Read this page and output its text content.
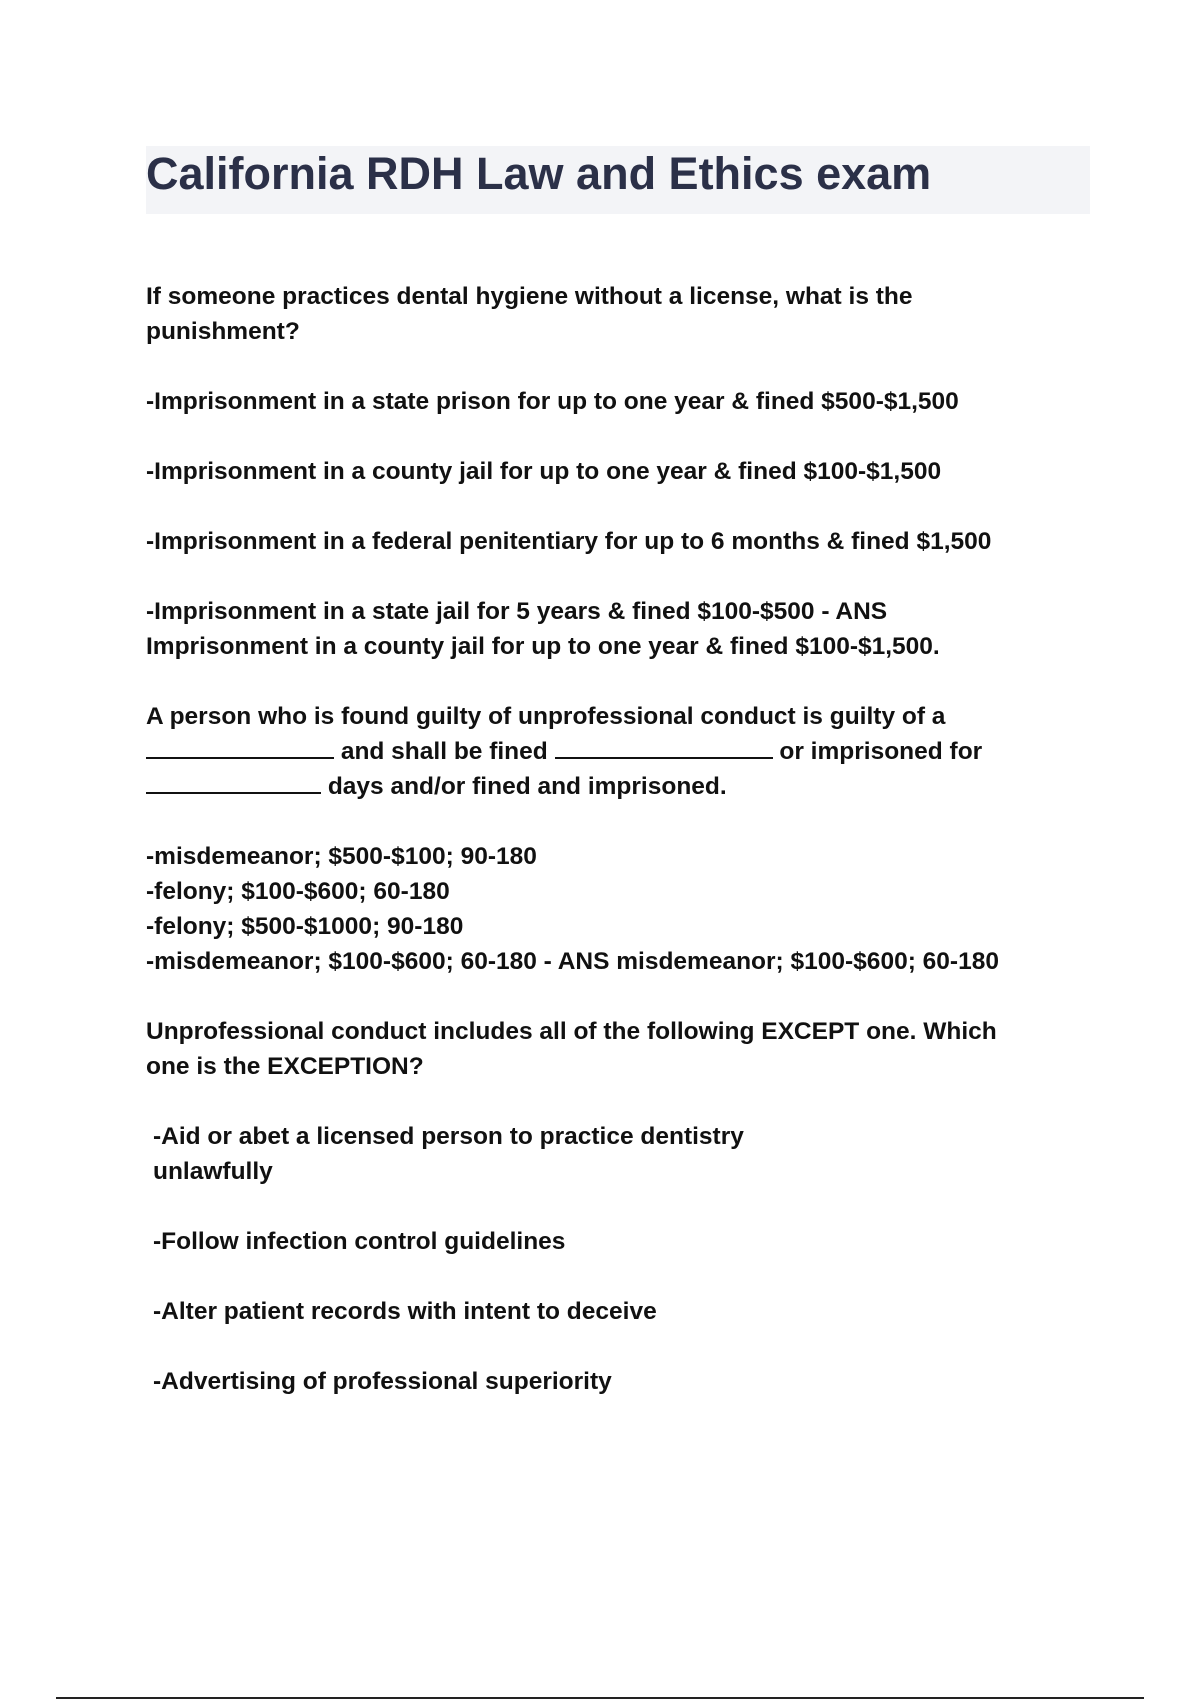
California RDH Law and Ethics exam

If someone practices dental hygiene without a license, what is the

punishment?

-Imprisonment in a state prison for up to one year & fined $500-$1,500

-Imprisonment in a county jail for up to one year & fined $100-$1,500

-Imprisonment in a federal penitentiary for up to 6 months & fined $1,500

-Imprisonment in a state jail for 5 years & fined $100-$500 - ANS

Imprisonment in a county jail for up to one year & fined $100-$1,500.

A person who is found guilty of unprofessional conduct is guilty of a

and shall be fined	or imprisoned for

days and/or fined and imprisoned.

-misdemeanor; $500-$100; 90-180

-felony; $100-$600; 60-180

-felony; $500-$1000; 90-180

-misdemeanor; $100-$600; 60-180 - ANS misdemeanor; $100-$600; 60-180

Unprofessional conduct includes all of the following EXCEPT one. Which

one is the EXCEPTION?

-Aid or abet a licensed person to practice dentistry

unlawfully

-Follow infection control guidelines

-Alter patient records with intent to deceive

-Advertising of professional superiority
